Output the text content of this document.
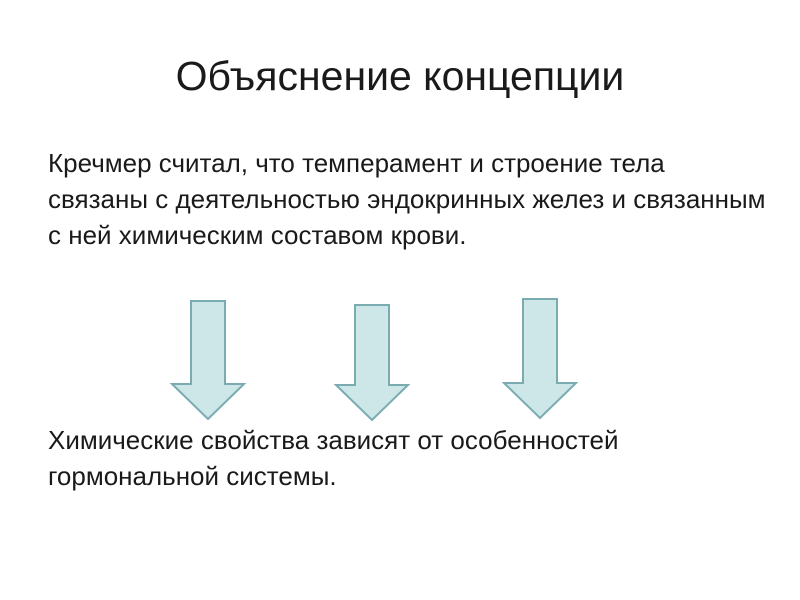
Объяснение концепции

Кречмер считал, что темперамент и строение тела связаны с деятельностью эндокринных желез и связанным с ней химическим составом крови.

Химические свойства зависят от особенностей гормональной системы.
